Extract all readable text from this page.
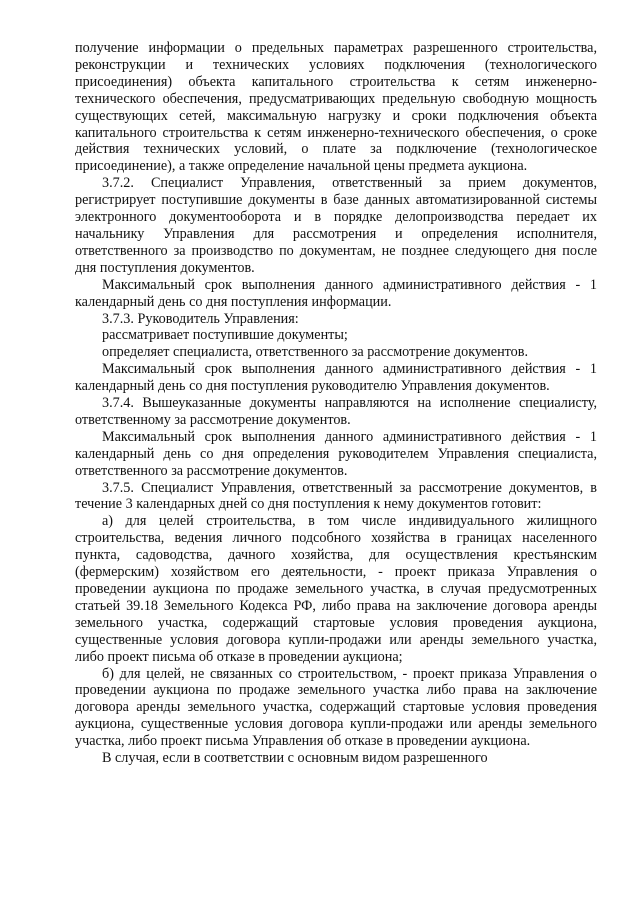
получение информации о предельных параметрах разрешенного строительства, реконструкции и технических условиях подключения (технологического присоединения) объекта капитального строительства к сетям инженерно-технического обеспечения, предусматривающих предельную свободную мощность существующих сетей, максимальную нагрузку и сроки подключения объекта капитального строительства к сетям инженерно-технического обеспечения, о сроке действия технических условий, о плате за подключение (технологическое присоединение), а также определение начальной цены предмета аукциона.

3.7.2. Специалист Управления, ответственный за прием документов, регистрирует поступившие документы в базе данных автоматизированной системы электронного документооборота и в порядке делопроизводства передает их начальнику Управления для рассмотрения и определения исполнителя, ответственного за производство по документам, не позднее следующего дня после дня поступления документов.

Максимальный срок выполнения данного административного действия - 1 календарный день со дня поступления информации.

3.7.3. Руководитель Управления:

рассматривает поступившие документы;

определяет специалиста, ответственного за рассмотрение документов.

Максимальный срок выполнения данного административного действия - 1 календарный день со дня поступления руководителю Управления документов.

3.7.4. Вышеуказанные документы направляются на исполнение специалисту, ответственному за рассмотрение документов.

Максимальный срок выполнения данного административного действия - 1 календарный день со дня определения руководителем Управления специалиста, ответственного за рассмотрение документов.

3.7.5. Специалист Управления, ответственный за рассмотрение документов, в течение 3 календарных дней со дня поступления к нему документов готовит:

а) для целей строительства, в том числе индивидуального жилищного строительства, ведения личного подсобного хозяйства в границах населенного пункта, садоводства, дачного хозяйства, для осуществления крестьянским (фермерским) хозяйством его деятельности, - проект приказа Управления о проведении аукциона по продаже земельного участка, в случая предусмотренных статьей 39.18 Земельного Кодекса РФ, либо права на заключение договора аренды земельного участка, содержащий стартовые условия проведения аукциона, существенные условия договора купли-продажи или аренды земельного участка, либо проект письма об отказе в проведении аукциона;

б) для целей, не связанных со строительством, - проект приказа Управления о проведении аукциона по продаже земельного участка либо права на заключение договора аренды земельного участка, содержащий стартовые условия проведения аукциона, существенные условия договора купли-продажи или аренды земельного участка, либо проект письма Управления об отказе в проведении аукциона.

В случая, если в соответствии с основным видом разрешенного
